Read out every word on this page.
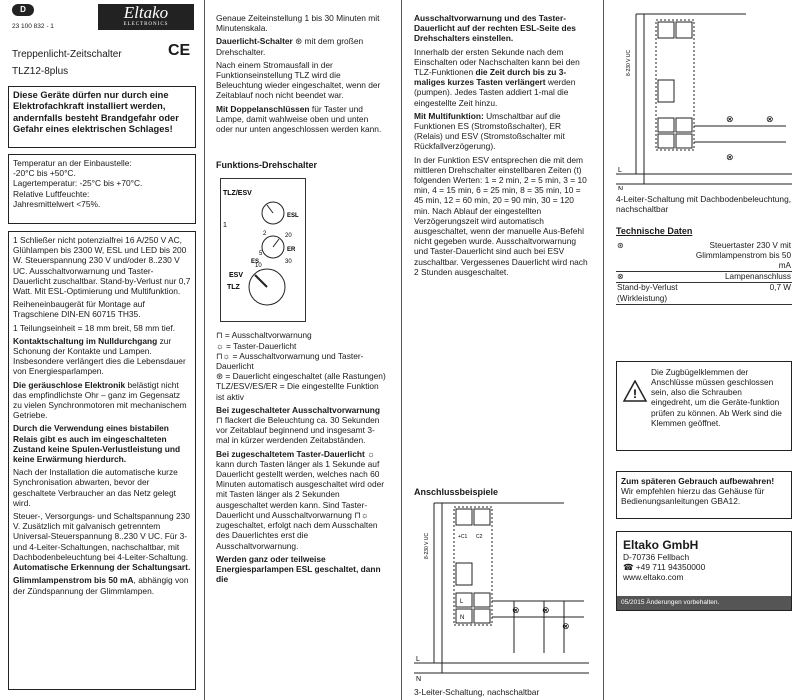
D
23 100 832 - 1
Eltako
ELECTRONICS
CE
Treppenlicht-Zeitschalter
TLZ12-8plus
Diese Geräte dürfen nur durch eine Elektrofachkraft installiert werden, andernfalls besteht Brandgefahr oder Gefahr eines elektrischen Schlages!
Temperatur an der Einbaustelle:
-20°C bis +50°C.
Lagertemperatur: -25°C bis +70°C.
Relative Luftfeuchte:
Jahresmittelwert <75%.

1 Schließer nicht potenzialfrei 16 A/250 V AC, Glühlampen bis 2300 W, ESL und LED bis 200 W. Steuerspannung 230 V und/oder 8..230 V UC. Ausschaltvorwarnung und Taster-Dauerlicht zuschaltbar. Stand-by-Verlust nur 0,7 Watt. Mit ESL-Optimierung und Multifunktion.

Reiheneinbaugerät für Montage auf Tragschiene DIN-EN 60715 TH35.

1 Teilungseinheit = 18 mm breit, 58 mm tief.

Kontaktschaltung im Nulldurchgang zur Schonung der Kontakte und Lampen. Insbesondere verlängert dies die Lebensdauer von Energiesparlampen.

Die geräuschlose Elektronik belästigt nicht das empfindlichste Ohr – ganz im Gegensatz zu vielen Synchronmotoren mit mechanischem Getriebe.

Durch die Verwendung eines bistabilen Relais gibt es auch im eingeschalteten Zustand keine Spulen-Verlustleistung und keine Erwärmung hierdurch.

Nach der Installation die automatische kurze Synchronisation abwarten, bevor der geschaltete Verbraucher an das Netz gelegt wird.

Steuer-, Versorgungs- und Schaltspannung 230 V. Zusätzlich mit galvanisch getrenntem Universal-Steuerspannung 8..230 V UC. Für 3- und 4-Leiter-Schaltungen, nachschaltbar, mit Dachbodenbeleuchtung bei 4-Leiter-Schaltung. Automatische Erkennung der Schaltungsart.

Glimmlampenstrom bis 50 mA, abhängig von der Zündspannung der Glimmlampen.

Genaue Zeiteinstellung 1 bis 30 Minuten mit Minutenskala.

Dauerlicht-Schalter ⊛ mit dem großen Drehschalter.

Nach einem Stromausfall in der Funktionseinstellung TLZ wird die Beleuchtung wieder eingeschaltet, wenn der Zeitablauf noch nicht beendet war.

Mit Doppelanschlüssen für Taster und Lampe, damit wahlweise oben und unten oder nur unten angeschlossen werden kann.

Funktions-Drehschalter
TLZ/ESV
ESL
ER
ESV
TLZ
1
2
5
20
30
10
ES
⊓ = Ausschaltvorwarnung
☼ = Taster-Dauerlicht
⊓☼ = Ausschaltvorwarnung und Taster-Dauerlicht
⊛ = Dauerlicht eingeschaltet (alle Rastungen)

TLZ/ESV/ES/ER = Die eingestellte Funktion ist aktiv

Bei zugeschalteter Ausschaltvorwarnung ⊓ flackert die Beleuchtung ca. 30 Sekunden vor Zeitablauf beginnend und insgesamt 3-mal in kürzer werdenden Zeitabständen.

Bei zugeschaltetem Taster-Dauerlicht ☼ kann durch Tasten länger als 1 Sekunde auf Dauerlicht gestellt werden, welches nach 60 Minuten automatisch ausgeschaltet wird oder mit Tasten länger als 2 Sekunden ausgeschaltet werden kann. Sind Taster-Dauerlicht und Ausschaltvorwarnung ⊓☼ zugeschaltet, erfolgt nach dem Ausschalten des Dauerlichtes erst die Ausschaltvorwarnung.

Werden ganz oder teilweise Energiesparlampen ESL geschaltet, dann die

Ausschaltvorwarnung und des Taster-Dauerlicht auf der rechten ESL-Seite des Drehschalters einstellen.

Innerhalb der ersten Sekunde nach dem Einschalten oder Nachschalten kann bei den TLZ-Funktionen die Zeit durch bis zu 3-maliges kurzes Tasten verlängert werden (pumpen). Jedes Tasten addiert 1-mal die eingestellte Zeit hinzu.

Mit Multifunktion: Umschaltbar auf die Funktionen ES (Stromstoßschalter), ER (Relais) und ESV (Stromstoßschalter mit Rückfallverzögerung).

In der Funktion ESV entsprechen die mit dem mittleren Drehschalter einstellbaren Zeiten (t) folgenden Werten: 1 = 2 min, 2 = 5 min, 3 = 10 min, 4 = 15 min, 6 = 25 min, 8 = 35 min, 10 = 45 min, 12 = 60 min, 20 = 90 min, 30 = 120 min. Nach Ablauf der eingestellten Verzögerungszeit wird automatisch ausgeschaltet, wenn der manuelle Aus-Befehl nicht gegeben wurde. Ausschaltvorwarnung und Taster-Dauerlicht sind auch bei ESV zuschaltbar. Vergessenes Dauerlicht wird nach 2 Stunden ausgeschaltet.

Anschlussbeispiele
+C1 C2
L
N
8-230 V UC
L
N
⊗ ⊗
⊗
3-Leiter-Schaltung, nachschaltbar
8-230 V UC
L
N
⊗	⊗
⊗
4-Leiter-Schaltung mit Dachbodenbeleuchtung, nachschaltbar
Technische Daten
⊛	Steuertaster 230 V mit Glimmlampenstrom bis 50 mA
⊗	Lampenanschluss
Stand-by-Verlust (Wirkleistung)	0,7 W
!
Die Zugbügelklemmen der Anschlüsse müssen geschlossen sein, also die Schrauben eingedreht, um die Geräte-funktion prüfen zu können. Ab Werk sind die Klemmen geöffnet.
Zum späteren Gebrauch aufbewahren!
Wir empfehlen hierzu das Gehäuse für Bedienungsanleitungen GBA12.
Eltako GmbH
D-70736 Fellbach
☎ +49 711 94350000
www.eltako.com
05/2015 Änderungen vorbehalten.
